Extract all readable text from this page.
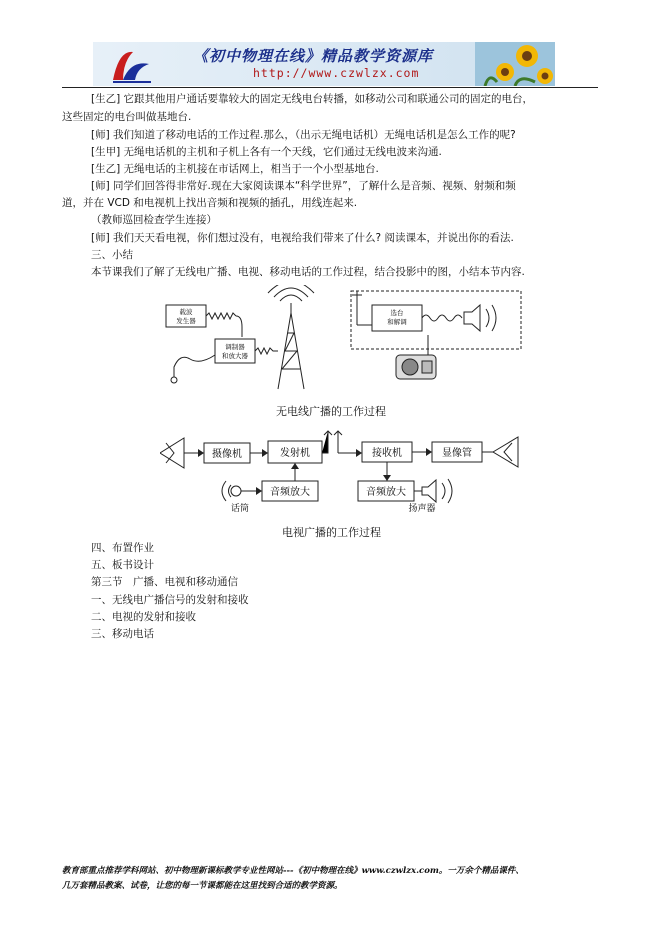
《初中物理在线》精品教学资源库
http://www.czwlzx.com
[生乙] 它跟其他用户通话要靠较大的固定无线电台转播，如移动公司和联通公司的固定的电台，
这些固定的电台叫做基地台.
[师] 我们知道了移动电话的工作过程.那么，（出示无绳电话机）无绳电话机是怎么工作的呢?
[生甲] 无绳电话机的主机和子机上各有一个天线，它们通过无线电波来沟通.
[生乙] 无绳电话的主机接在市话网上，相当于一个小型基地台.
[师] 同学们回答得非常好.现在大家阅读课本“科学世界”，了解什么是音频、视频、射频和频
道，并在 VCD 和电视机上找出音频和视频的插孔，用线连起来.
（教师巡回检查学生连接）
[师] 我们天天看电视，你们想过没有，电视给我们带来了什么? 阅读课本，并说出你的看法.
三、小结
本节课我们了解了无线电广播、电视、移动电话的工作过程，结合投影中的图，小结本节内容.
载波
发生器
调制器
和放大器
选台
和解调
无电线广播的工作过程
摄像机	发射机
音频放大
话筒
接收机	显像管
音频放大
扬声器
电视广播的工作过程
四、布置作业
五、板书设计
第三节　广播、电视和移动通信
一、无线电广播信号的发射和接收
二、电视的发射和接收
三、移动电话
教育部重点推荐学科网站、初中物理新课标教学专业性网站---《初中物理在线》www.czwlzx.com。一万余个精品课件、
几万套精品教案、试卷，让您的每一节课都能在这里找到合适的教学资源。
